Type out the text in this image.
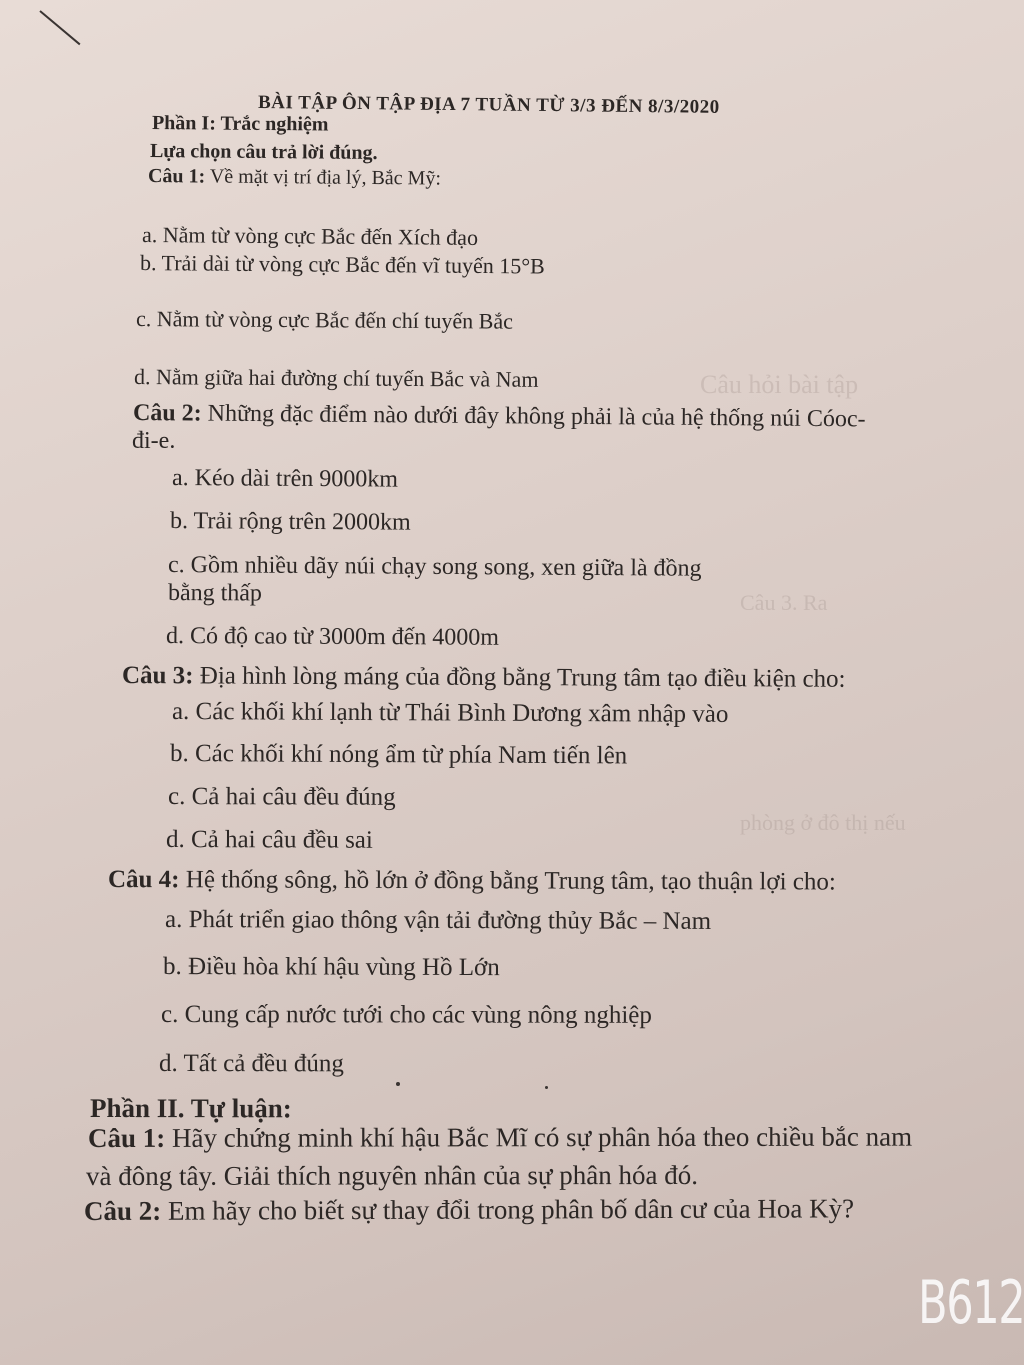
Câu hỏi bài tập
Câu 3. Ra
phòng ở đô thị nếu
BÀI TẬP ÔN TẬP ĐỊA 7 TUẦN TỪ 3/3 ĐẾN 8/3/2020
Phần I: Trắc nghiệm
Lựa chọn câu trả lời đúng.
Câu 1: Về mặt vị trí địa lý, Bắc Mỹ:
a. Nằm từ vòng cực Bắc đến Xích đạo
b. Trải dài từ vòng cực Bắc đến vĩ tuyến 15°B
c. Nằm từ vòng cực Bắc đến chí tuyến Bắc
d. Nằm giữa hai đường chí tuyến Bắc và Nam
Câu 2: Những đặc điểm nào dưới đây không phải là của hệ thống núi Cóoc-
đi-e.
a. Kéo dài trên 9000km
b. Trải rộng trên 2000km
c. Gồm nhiều dãy núi chạy song song, xen giữa là đồng
bằng thấp
d. Có độ cao từ 3000m đến 4000m
Câu 3: Địa hình lòng máng của đồng bằng Trung tâm tạo điều kiện cho:
a. Các khối khí lạnh từ Thái Bình Dương xâm nhập vào
b. Các khối khí nóng ẩm từ phía Nam tiến lên
c. Cả hai câu đều đúng
d. Cả hai câu đều sai
Câu 4: Hệ thống sông, hồ lớn ở đồng bằng Trung tâm, tạo thuận lợi cho:
a. Phát triển giao thông vận tải đường thủy Bắc – Nam
b. Điều hòa khí hậu vùng Hồ Lớn
c. Cung cấp nước tưới cho các vùng nông nghiệp
d. Tất cả đều đúng
Phần II. Tự luận:
Câu 1: Hãy chứng minh khí hậu Bắc Mĩ có sự phân hóa theo chiều bắc nam
và đông tây. Giải thích nguyên nhân của sự phân hóa đó.
Câu 2: Em hãy cho biết sự thay đổi trong phân bố dân cư của Hoa Kỳ?
B612
